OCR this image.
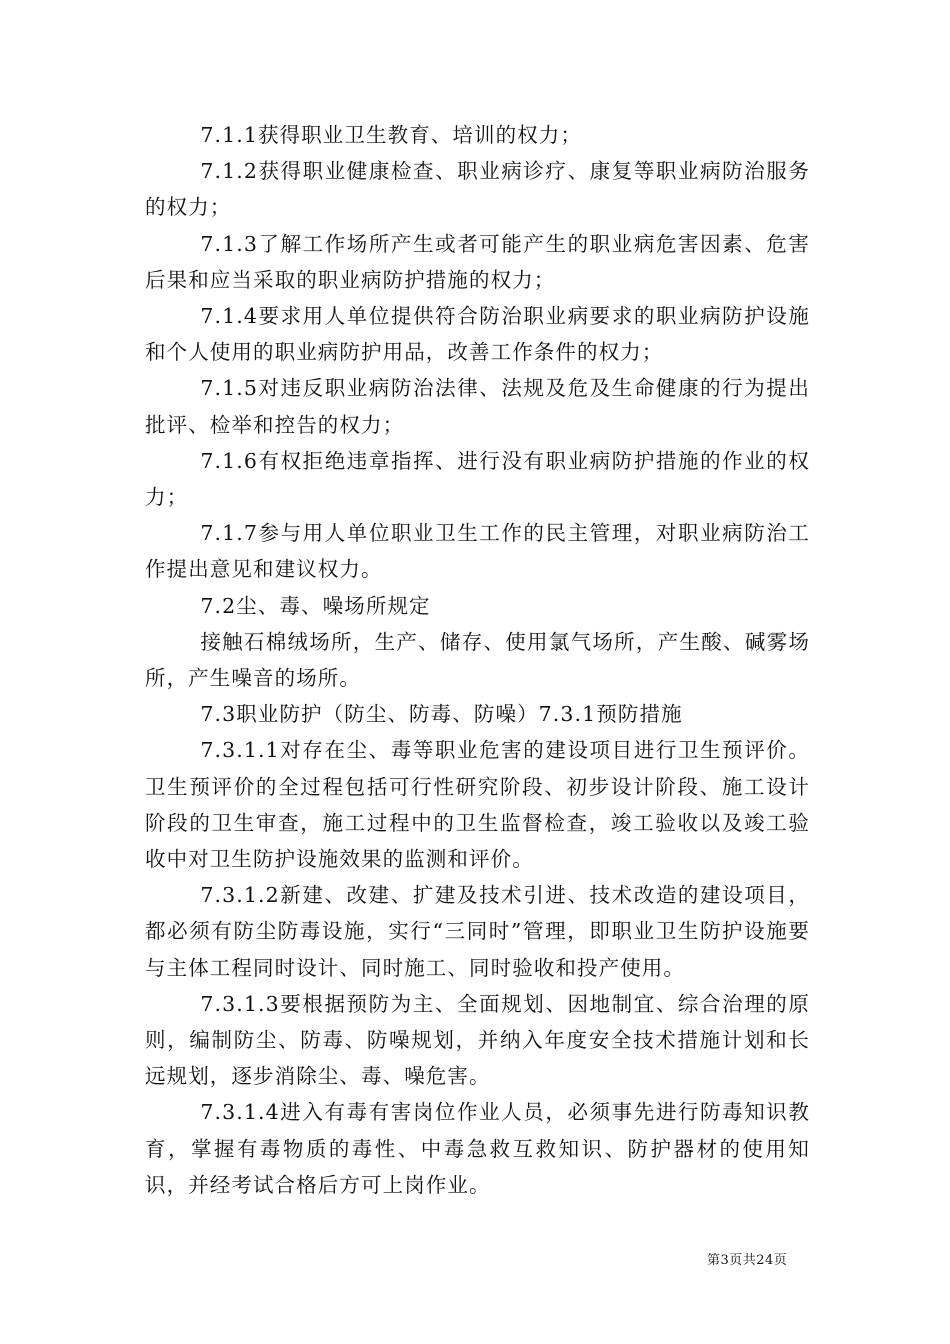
7.1.1获得职业卫生教育、培训的权力；

7.1.2获得职业健康检查、职业病诊疗、康复等职业病防治服务的权力；

7.1.3了解工作场所产生或者可能产生的职业病危害因素、危害后果和应当采取的职业病防护措施的权力；

7.1.4要求用人单位提供符合防治职业病要求的职业病防护设施和个人使用的职业病防护用品，改善工作条件的权力；

7.1.5对违反职业病防治法律、法规及危及生命健康的行为提出批评、检举和控告的权力；

7.1.6有权拒绝违章指挥、进行没有职业病防护措施的作业的权力；

7.1.7参与用人单位职业卫生工作的民主管理，对职业病防治工作提出意见和建议权力。

7.2尘、毒、噪场所规定

接触石棉绒场所，生产、储存、使用氯气场所，产生酸、碱雾场所，产生噪音的场所。

7.3职业防护（防尘、防毒、防噪）7.3.1预防措施

7.3.1.1对存在尘、毒等职业危害的建设项目进行卫生预评价。卫生预评价的全过程包括可行性研究阶段、初步设计阶段、施工设计阶段的卫生审查，施工过程中的卫生监督检查，竣工验收以及竣工验收中对卫生防护设施效果的监测和评价。

7.3.1.2新建、改建、扩建及技术引进、技术改造的建设项目，都必须有防尘防毒设施，实行“三同时”管理，即职业卫生防护设施要与主体工程同时设计、同时施工、同时验收和投产使用。

7.3.1.3要根据预防为主、全面规划、因地制宜、综合治理的原则，编制防尘、防毒、防噪规划，并纳入年度安全技术措施计划和长远规划，逐步消除尘、毒、噪危害。

7.3.1.4进入有毒有害岗位作业人员，必须事先进行防毒知识教育，掌握有毒物质的毒性、中毒急救互救知识、防护器材的使用知识，并经考试合格后方可上岗作业。

第3页共24页
